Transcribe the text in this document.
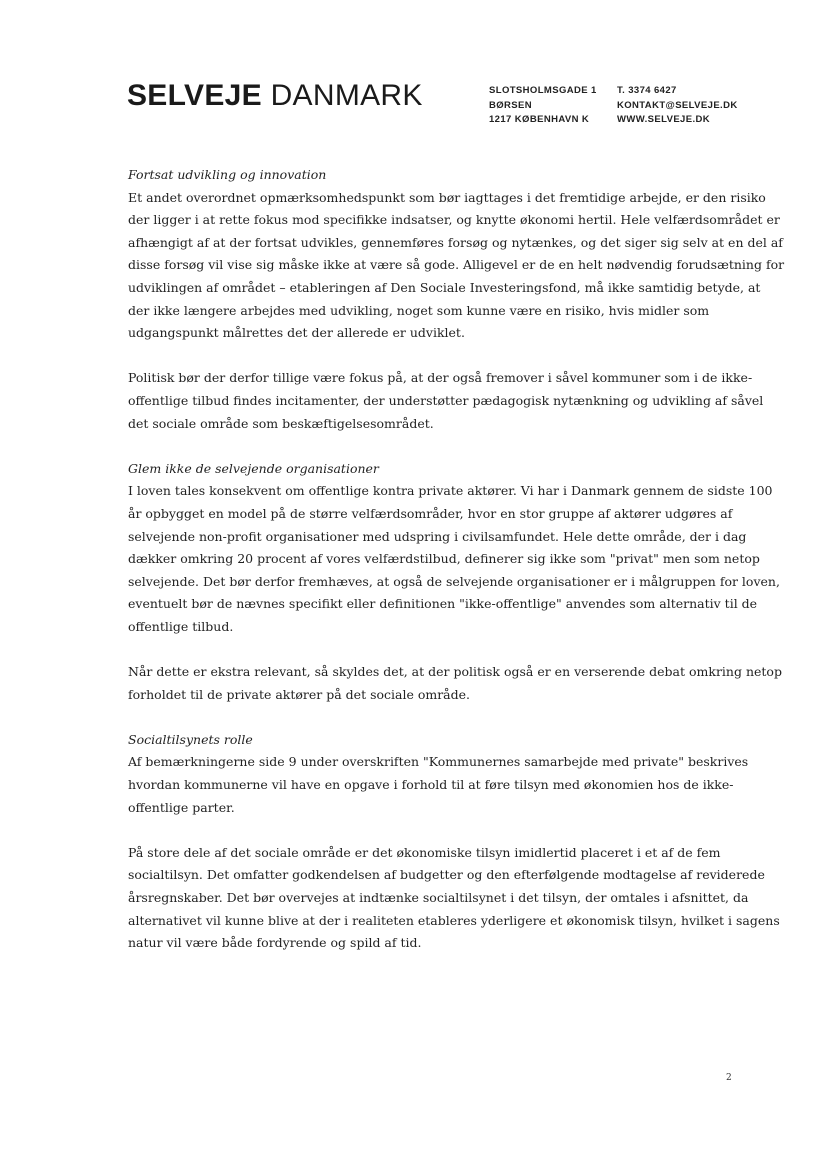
SELVEJE DANMARK	SLOTSHOLMSGADE 1
BØRSEN
1217 KØBENHAVN K
T. 3374 6427
KONTAKT@SELVEJE.DK
WWW.SELVEJE.DK
Fortsat udvikling og innovation
Et andet overordnet opmærksomhedspunkt som bør iagttages i det fremtidige arbejde, er den risiko
der ligger i at rette fokus mod specifikke indsatser, og knytte økonomi hertil. Hele velfærdsområdet er
afhængigt af at der fortsat udvikles, gennemføres forsøg og nytænkes, og det siger sig selv at en del af
disse forsøg vil vise sig måske ikke at være så gode. Alligevel er de en helt nødvendig forudsætning for
udviklingen af området – etableringen af Den Sociale Investeringsfond, må ikke samtidig betyde, at
der ikke længere arbejdes med udvikling, noget som kunne være en risiko, hvis midler som
udgangspunkt målrettes det der allerede er udviklet.
Politisk bør der derfor tillige være fokus på, at der også fremover i såvel kommuner som i de ikke-
offentlige tilbud findes incitamenter, der understøtter pædagogisk nytænkning og udvikling af såvel
det sociale område som beskæftigelsesområdet.
Glem ikke de selvejende organisationer
I loven tales konsekvent om offentlige kontra private aktører. Vi har i Danmark gennem de sidste 100
år opbygget en model på de større velfærdsområder, hvor en stor gruppe af aktører udgøres af
selvejende non-profit organisationer med udspring i civilsamfundet. Hele dette område, der i dag
dækker omkring 20 procent af vores velfærdstilbud, definerer sig ikke som "privat" men som netop
selvejende. Det bør derfor fremhæves, at også de selvejende organisationer er i målgruppen for loven,
eventuelt bør de nævnes specifikt eller definitionen "ikke-offentlige" anvendes som alternativ til de
offentlige tilbud.
Når dette er ekstra relevant, så skyldes det, at der politisk også er en verserende debat omkring netop
forholdet til de private aktører på det sociale område.
Socialtilsynets rolle
Af bemærkningerne side 9 under overskriften "Kommunernes samarbejde med private" beskrives
hvordan kommunerne vil have en opgave i forhold til at føre tilsyn med økonomien hos de ikke-
offentlige parter.
På store dele af det sociale område er det økonomiske tilsyn imidlertid placeret i et af de fem
socialtilsyn. Det omfatter godkendelsen af budgetter og den efterfølgende modtagelse af reviderede
årsregnskaber. Det bør overvejes at indtænke socialtilsynet i det tilsyn, der omtales i afsnittet, da
alternativet vil kunne blive at der i realiteten etableres yderligere et økonomisk tilsyn, hvilket i sagens
natur vil være både fordyrende og spild af tid.
2
